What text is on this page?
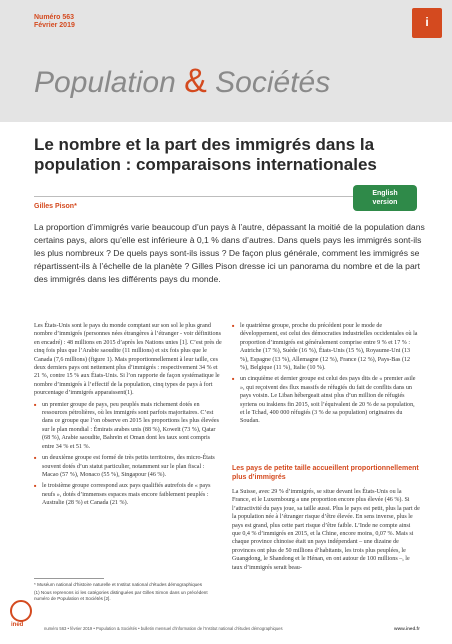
Numéro 563
Février 2019	i
Population & Sociétés
Le nombre et la part des immigrés dans la population : comparaisons internationales
Gilles Pison*
English
version
La proportion d’immigrés varie beaucoup d’un pays à l’autre, dépassant la moitié de la population dans certains pays, alors qu’elle est inférieure à 0,1 % dans d’autres. Dans quels pays les immigrés sont-ils les plus nombreux ? De quels pays sont-ils issus ? De façon plus générale, comment les immigrés se répartissent-ils à l’échelle de la planète ? Gilles Pison dresse ici un panorama du nombre et de la part des immigrés dans les différents pays du monde.

Les États-Unis sont le pays du monde comptant sur son sol le plus grand nombre d’immigrés (personnes nées étrangères à l’étranger - voir définitions en encadré) : 48 millions en 2015 d’après les Nations unies [1]. C’est près de cinq fois plus que l’Arabie saoudite (11 millions) et six fois plus que le Canada (7,6 millions) (figure 1). Mais proportionnellement à leur taille, ces deux derniers pays ont nettement plus d’immigrés : respectivement 34 % et 21 %, contre 15 % aux États-Unis. Si l’on rapporte de façon systématique le nombre d’immigrés à l’effectif de la population, cinq types de pays à fort pourcentage d’immigrés apparaissent(1).

■ un premier groupe de pays, peu peuplés mais richement dotés en ressources pétrolières, où les immigrés sont parfois majoritaires. C’est dans ce groupe que l’on observe en 2015 les proportions les plus élevées sur le plan mondial : Émirats arabes unis (88 %), Koweït (73 %), Qatar (68 %), Arabie saoudite, Bahreïn et Oman dont les taux sont compris entre 34 % et 51 %.
■ un deuxième groupe est formé de très petits territoires, des micro-États souvent dotés d’un statut particulier, notamment sur le plan fiscal : Macao (57 %), Monaco (55 %), Singapour (46 %).
■ le troisième groupe correspond aux pays qualifiés autrefois de « pays neufs », dotés d’immenses espaces mais encore faiblement peuplés : Australie (28 %) et Canada (21 %).
■ le quatrième groupe, proche du précédent pour le mode de développement, est celui des démocraties industrielles occidentales où la proportion d’immigrés est généralement comprise entre 9 % et 17 % : Autriche (17 %), Suède (16 %), États-Unis (15 %), Royaume-Uni (13 %), Espagne (13 %), Allemagne (12 %), France (12 %), Pays-Bas (12 %), Belgique (11 %), Italie (10 %).
■ un cinquième et dernier groupe est celui des pays dits de « premier asile », qui reçoivent des flux massifs de réfugiés du fait de conflits dans un pays voisin. Le Liban hébergeait ainsi plus d’un million de réfugiés syriens ou irakiens fin 2015, soit l’équivalent de 20 % de sa population, et le Tchad, 400 000 réfugiés (3 % de sa population) originaires du Soudan.
Les pays de petite taille accueillent proportionnellement plus d’immigrés

La Suisse, avec 29 % d’immigrés, se situe devant les États-Unis ou la France, et le Luxembourg a une proportion encore plus élevée (46 %). Si l’attractivité du pays joue, sa taille aussi. Plus le pays est petit, plus la part de la population née à l’étranger risque d’être élevée. En sens inverse, plus le pays est grand, plus cette part risque d’être faible. L’Inde ne compte ainsi que 0,4 % d’immigrés en 2015, et la Chine, encore moins, 0,07 %. Mais si chaque province chinoise était un pays indépendant – une dizaine de provinces ont plus de 50 millions d’habitants, les trois plus peuplées, le Guangdong, le Shandong et le Hénan, en ont autour de 100 millions –, le taux d’immigrés serait beau-

* Muséum national d’histoire naturelle et Institut national d’études démographiques

(1) Nous reprenons ici les catégories distinguées par Gilles Simon dans un précédent numéro de Population et Sociétés [2].

ined
numéro 563 • février 2019 • Population & Sociétés • bulletin mensuel d’information de l’Institut national d’études démographiques	www.ined.fr
